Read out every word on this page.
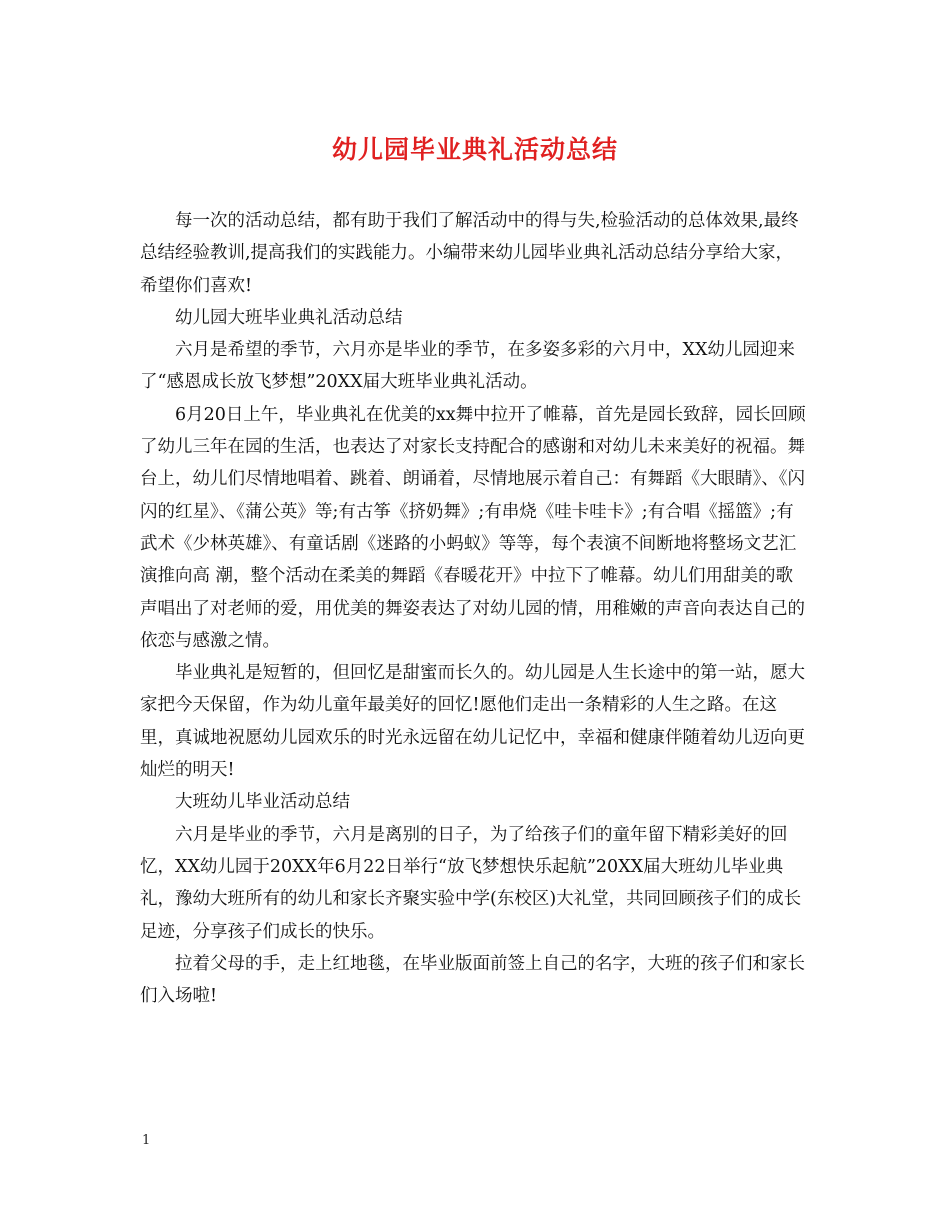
幼儿园毕业典礼活动总结

每一次的活动总结，都有助于我们了解活动中的得与失,检验活动的总体效果,最终总结经验教训,提高我们的实践能力。小编带来幼儿园毕业典礼活动总结分享给大家，希望你们喜欢!

幼儿园大班毕业典礼活动总结

六月是希望的季节，六月亦是毕业的季节，在多姿多彩的六月中，XX幼儿园迎来了“感恩成长放飞梦想”20XX届大班毕业典礼活动。

6月20日上午，毕业典礼在优美的xx舞中拉开了帷幕，首先是园长致辞，园长回顾了幼儿三年在园的生活，也表达了对家长支持配合的感谢和对幼儿未来美好的祝福。舞台上，幼儿们尽情地唱着、跳着、朗诵着，尽情地展示着自己：有舞蹈《大眼睛》、《闪闪的红星》、《蒲公英》等;有古筝《挤奶舞》;有串烧《哇卡哇卡》;有合唱《摇篮》;有武术《少林英雄》、有童话剧《迷路的小蚂蚁》等等，每个表演不间断地将整场文艺汇演推向高 潮，整个活动在柔美的舞蹈《春暖花开》中拉下了帷幕。幼儿们用甜美的歌声唱出了对老师的爱，用优美的舞姿表达了对幼儿园的情，用稚嫩的声音向表达自己的依恋与感激之情。

毕业典礼是短暂的，但回忆是甜蜜而长久的。幼儿园是人生长途中的第一站，愿大家把今天保留，作为幼儿童年最美好的回忆!愿他们走出一条精彩的人生之路。在这里，真诚地祝愿幼儿园欢乐的时光永远留在幼儿记忆中，幸福和健康伴随着幼儿迈向更灿烂的明天!

大班幼儿毕业活动总结

六月是毕业的季节，六月是离别的日子，为了给孩子们的童年留下精彩美好的回忆，XX幼儿园于20XX年6月22日举行“放飞梦想快乐起航”20XX届大班幼儿毕业典礼，豫幼大班所有的幼儿和家长齐聚实验中学(东校区)大礼堂，共同回顾孩子们的成长足迹，分享孩子们成长的快乐。

拉着父母的手，走上红地毯，在毕业版面前签上自己的名字，大班的孩子们和家长们入场啦!

1
